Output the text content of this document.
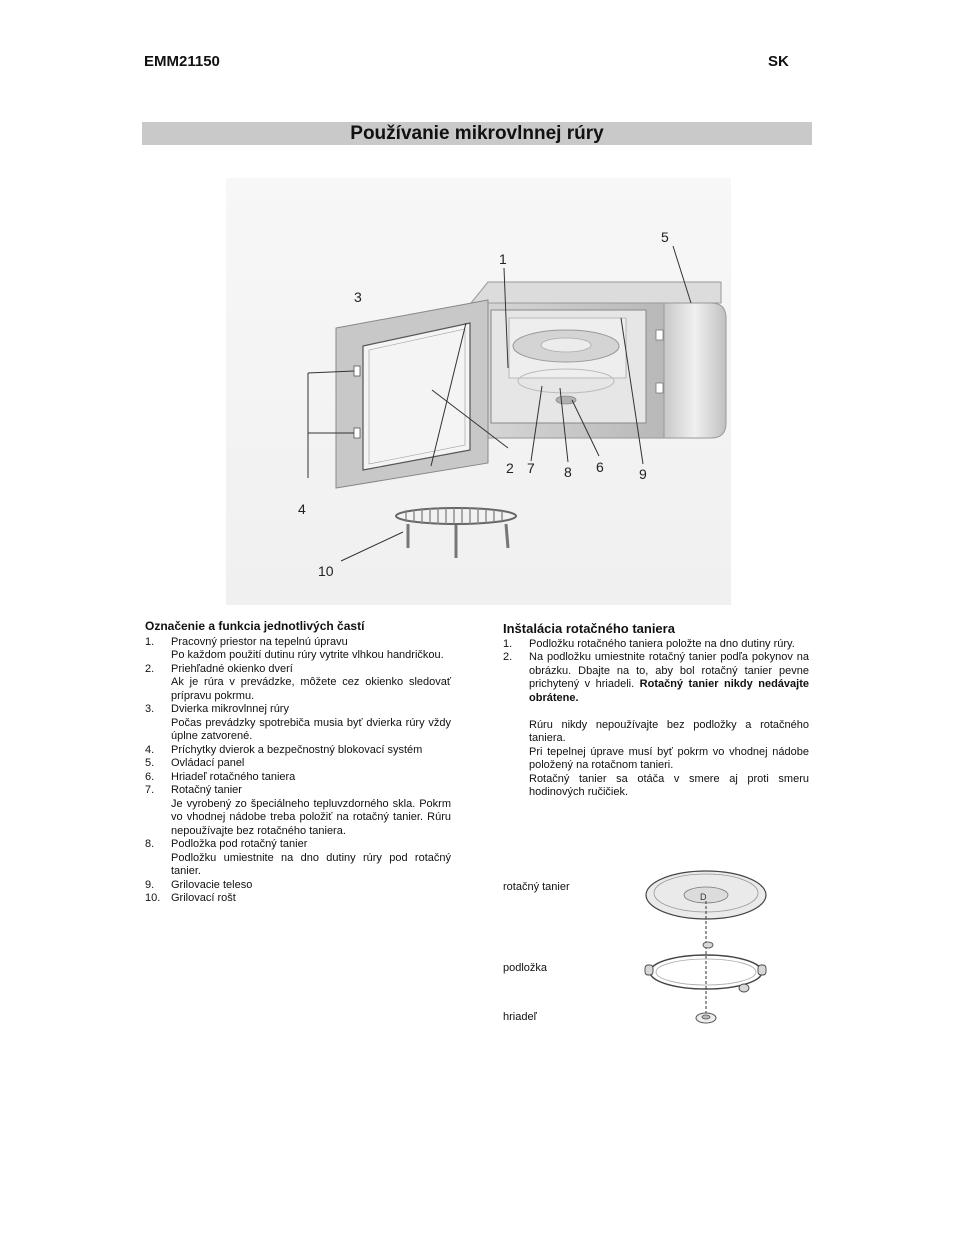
EMM21150	SK
Používanie mikrovlnnej rúry
1
2
3
4
5
6
7 8	9
10
Označenie a funkcia jednotlivých častí
1.	Pracovný priestor na tepelnú úpravu
Po každom použití dutinu rúry vytrite vlhkou handričkou.
2.	Priehľadné okienko dverí
Ak je rúra v prevádzke, môžete cez okienko sledovať prípravu pokrmu.
3.	Dvierka mikrovlnnej rúry
Počas prevádzky spotrebiča musia byť dvierka rúry vždy úplne zatvorené.
4.	Príchytky dvierok a bezpečnostný blokovací systém
5.	Ovládací panel
6.	Hriadeľ rotačného taniera
7.	Rotačný tanier
Je vyrobený zo špeciálneho tepluvzdorného skla. Pokrm vo vhodnej nádobe treba položiť na rotačný tanier. Rúru nepoužívajte bez rotačného taniera.
8.	Podložka pod rotačný tanier
Podložku umiestnite na dno dutiny rúry pod rotačný tanier.
9.	Grilovacie teleso
10. Grilovací rošt
Inštalácia rotačného taniera
1.	Podložku rotačného taniera položte na dno dutiny rúry.
2.	Na podložku umiestnite rotačný tanier podľa pokynov na obrázku. Dbajte na to, aby bol rotačný tanier pevne prichytený v hriadeli. Rotačný tanier nikdy nedávajte obrátene.
Rúru nikdy nepoužívajte bez podložky a rotačného taniera.
Pri tepelnej úprave musí byť pokrm vo vhodnej nádobe položený na rotačnom tanieri.
Rotačný tanier sa otáča v smere aj proti smeru hodinových ručičiek.
rotačný tanier
podložka
hriadeľ
D
